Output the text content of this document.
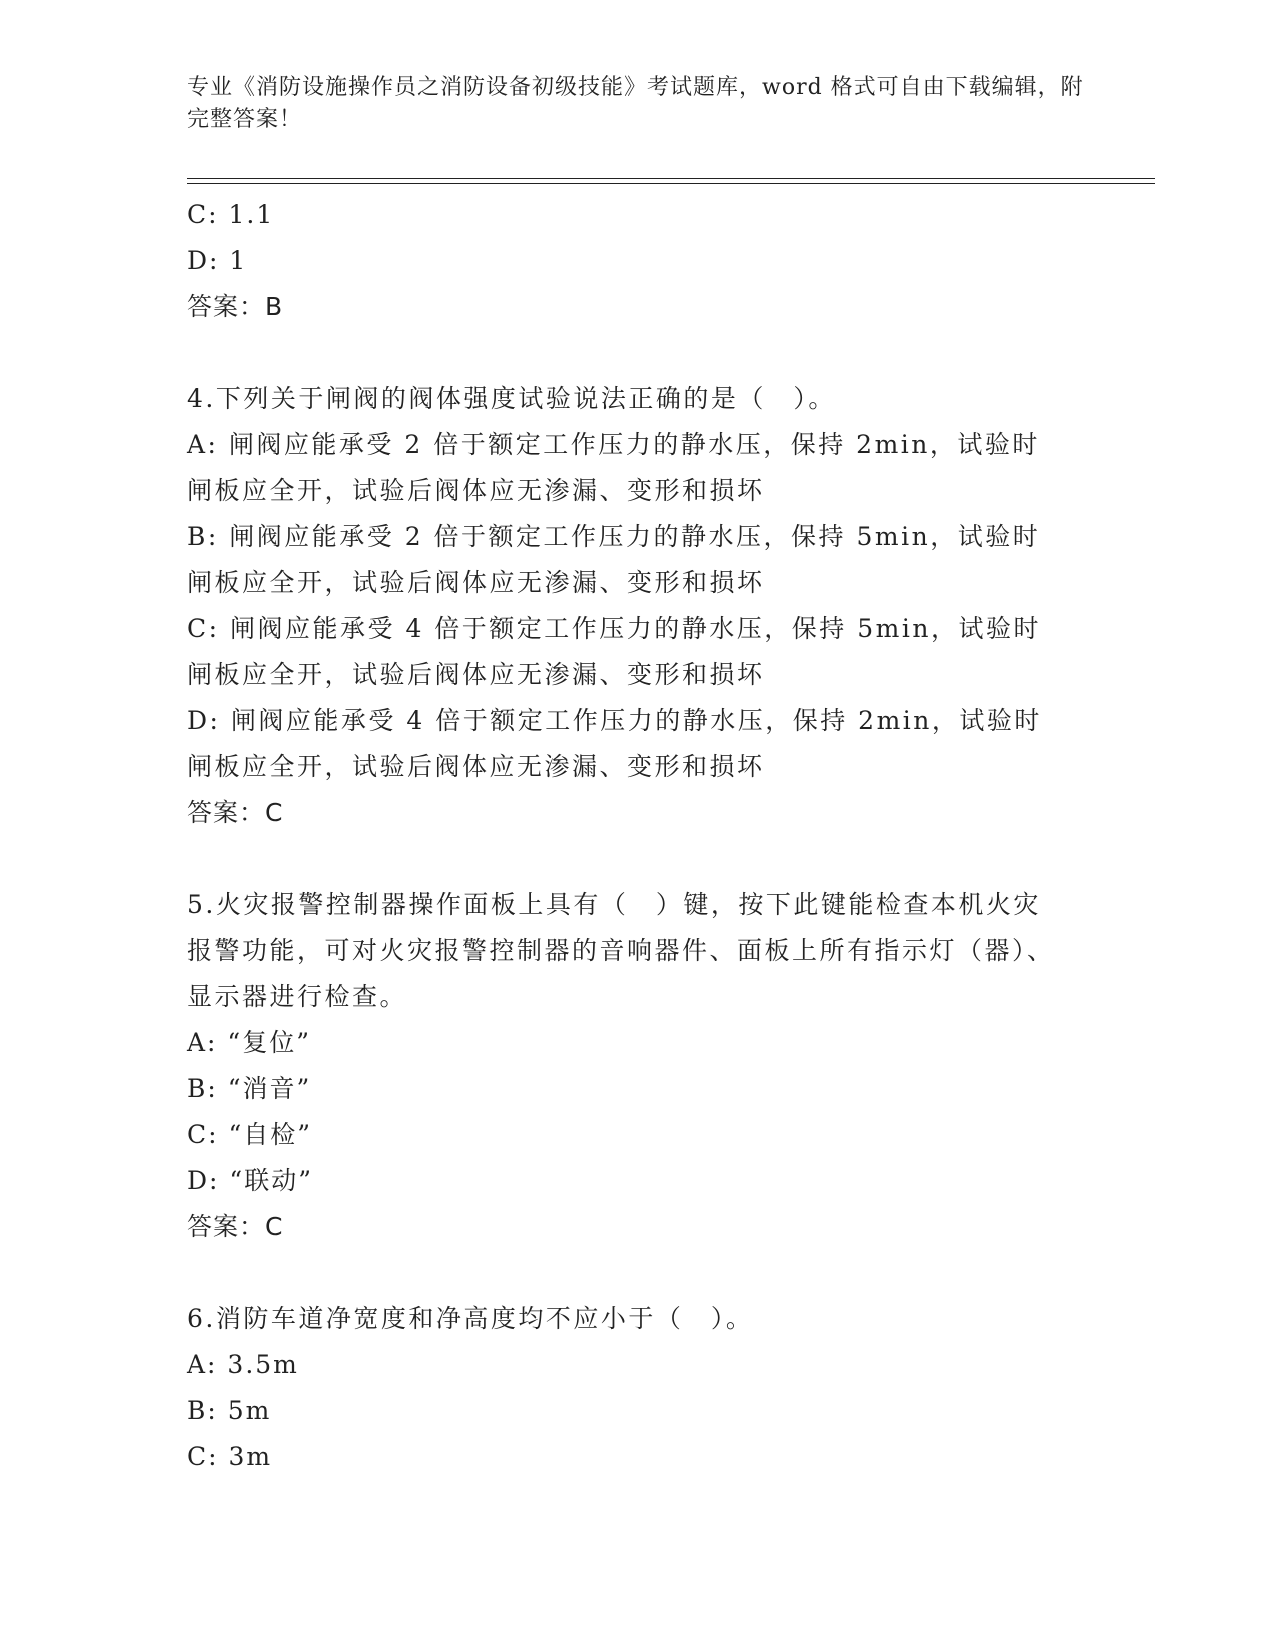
专业《消防设施操作员之消防设备初级技能》考试题库，word 格式可自由下载编辑，附完整答案！
C: 1.1
D: 1
答案：B
4.下列关于闸阀的阀体强度试验说法正确的是（　）。
A: 闸阀应能承受 2 倍于额定工作压力的静水压，保持 2min，试验时闸板应全开，试验后阀体应无渗漏、变形和损坏
B: 闸阀应能承受 2 倍于额定工作压力的静水压，保持 5min，试验时闸板应全开，试验后阀体应无渗漏、变形和损坏
C: 闸阀应能承受 4 倍于额定工作压力的静水压，保持 5min，试验时闸板应全开，试验后阀体应无渗漏、变形和损坏
D: 闸阀应能承受 4 倍于额定工作压力的静水压，保持 2min，试验时闸板应全开，试验后阀体应无渗漏、变形和损坏
答案：C
5.火灾报警控制器操作面板上具有（　）键，按下此键能检查本机火灾报警功能，可对火灾报警控制器的音响器件、面板上所有指示灯（器）、显示器进行检查。
A: “复位”
B: “消音”
C: “自检”
D: “联动”
答案：C
6.消防车道净宽度和净高度均不应小于（　）。
A: 3.5m
B: 5m
C: 3m
